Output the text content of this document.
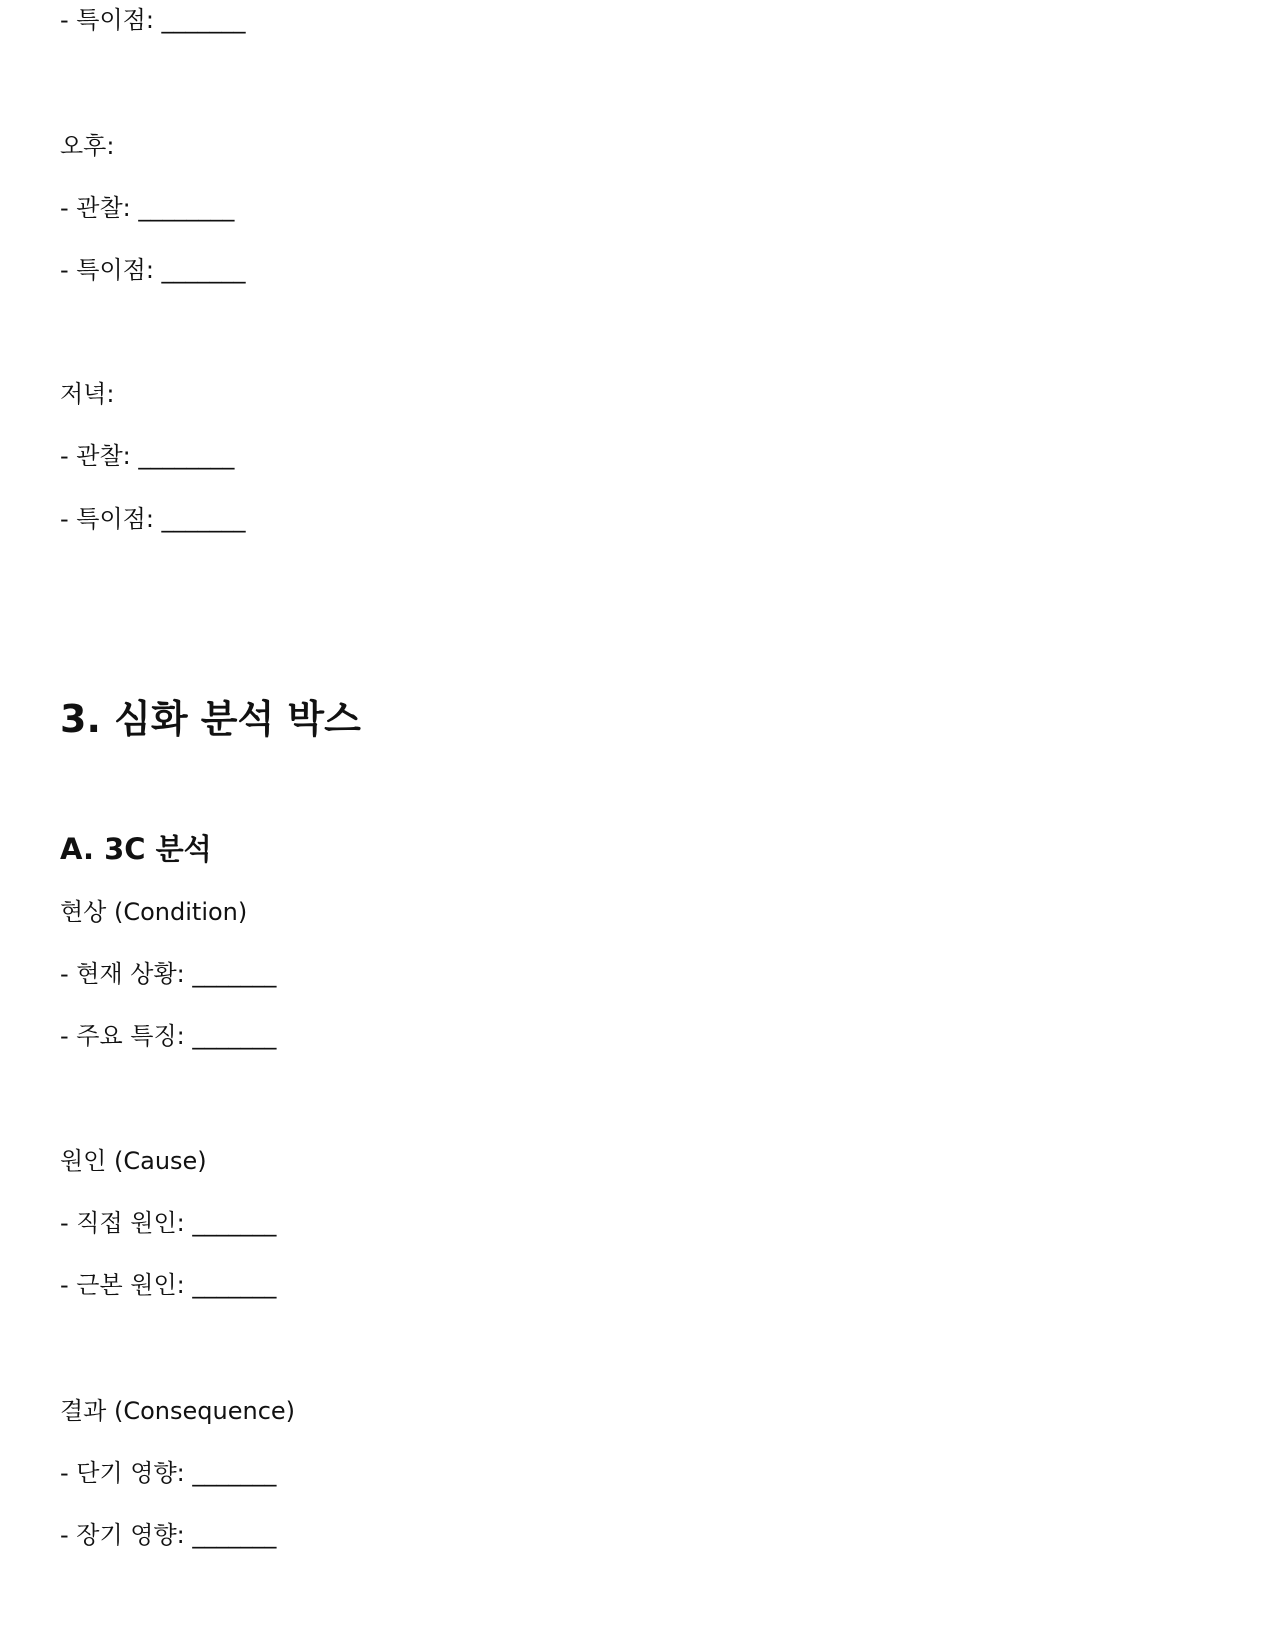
- 특이점: _______

오후:

- 관찰: ________

- 특이점: _______

저녁:

- 관찰: ________

- 특이점: _______

3. 심화 분석 박스
A. 3C 분석

현상 (Condition)

- 현재 상황: _______

- 주요 특징: _______

원인 (Cause)

- 직접 원인: _______

- 근본 원인: _______

결과 (Consequence)

- 단기 영향: _______

- 장기 영향: _______
